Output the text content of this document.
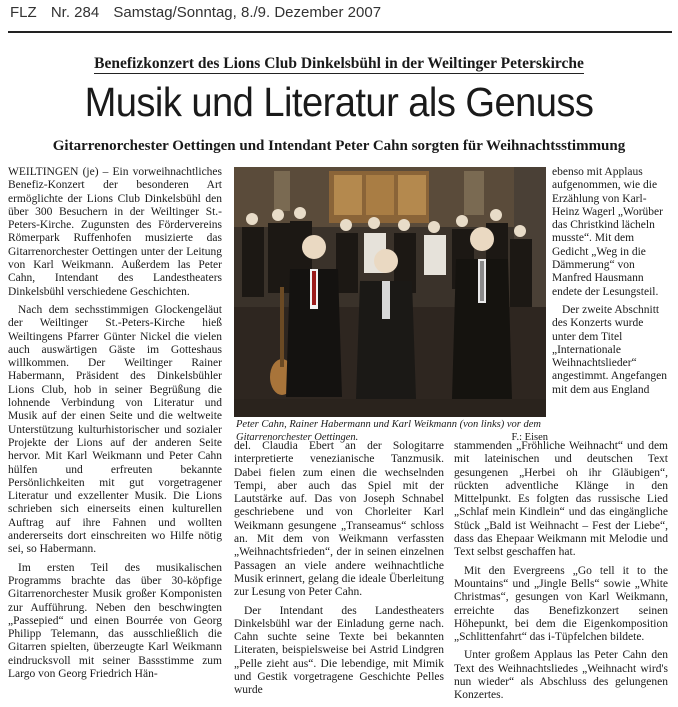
FLZ Nr. 284 Samstag/Sonntag, 8./9. Dezember 2007
Benefizkonzert des Lions Club Dinkelsbühl in der Weiltinger Peterskirche
Musik und Literatur als Genuss
Gitarrenorchester Oettingen und Intendant Peter Cahn sorgten für Weihnachtsstimmung

WEILTINGEN (je) – Ein vorweihnachtliches Benefiz-Konzert der besonderen Art ermöglichte der Lions Club Dinkelsbühl den über 300 Besuchern in der Weiltinger St.-Peters-Kirche. Zugunsten des Fördervereins Römerpark Ruffenhofen musizierte das Gitarrenorchester Oettingen unter der Leitung von Karl Weikmann. Außerdem las Peter Cahn, Intendant des Landestheaters Dinkelsbühl verschiedene Geschichten.

Nach dem sechsstimmigen Glockengeläut der Weiltinger St.-Peters-Kirche hieß Weiltingens Pfarrer Günter Nickel die vielen auch auswärtigen Gäste im Gotteshaus willkommen. Der Weiltinger Rainer Habermann, Präsident des Dinkelsbühler Lions Club, hob in seiner Begrüßung die lohnende Verbindung von Literatur und Musik auf der einen Seite und die weltweite Unterstützung kulturhistorischer und sozialer Projekte der Lions auf der anderen Seite hervor. Mit Karl Weikmann und Peter Cahn hülfen und erfreuten bekannte Persönlichkeiten mit gut vorgetragener Literatur und exzellenter Musik. Die Lions schrieben sich einerseits einen kulturellen Auftrag auf ihre Fahnen und wollten andererseits dort einschreiten wo Hilfe nötig sei, so Habermann.

Im ersten Teil des musikalischen Programms brachte das über 30-köpfige Gitarrenorchester Musik großer Komponisten zur Aufführung. Neben den beschwingten „Passepied“ und einen Bourrée von Georg Philipp Telemann, das ausschließlich die Gitarren spielten, überzeugte Karl Weikmann eindrucksvoll mit seiner Bassstimme zum Largo von Georg Friedrich Hän-

Peter Cahn, Rainer Habermann und Karl Weikmann (von links) vor dem Gitarrenorchester Oettingen.	F.: Eisen

del. Claudia Ebert an der Sologitarre interpretierte venezianische Tanzmusik. Dabei fielen zum einen die wechselnden Tempi, aber auch das Spiel mit der Lautstärke auf. Das von Joseph Schnabel geschriebene und von Chorleiter Karl Weikmann gesungene „Transeamus“ schloss an. Mit dem von Weikmann verfassten „Weihnachtsfrieden“, der in seinen einzelnen Passagen an viele andere weihnachtliche Musik erinnert, gelang die ideale Überleitung zur Lesung von Peter Cahn.

Der Intendant des Landestheaters Dinkelsbühl war der Einladung gerne nach. Cahn suchte seine Texte bei bekannten Literaten, beispielsweise bei Astrid Lindgren „Pelle zieht aus“. Die lebendige, mit Mimik und Gestik vorgetragene Geschichte Pelles wurde

stammenden „Fröhliche Weihnacht“ und dem mit lateinischen und deutschen Text gesungenen „Herbei oh ihr Gläubigen“, rückten adventliche Klänge in den Mittelpunkt. Es folgten das russische Lied „Schlaf mein Kindlein“ und das eingängliche Stück „Bald ist Weihnacht – Fest der Liebe“, dass das Ehepaar Weikmann mit Melodie und Text selbst geschaffen hat.

Mit den Evergreens „Go tell it to the Mountains“ und „Jingle Bells“ sowie „White Christmas“, gesungen von Karl Weikmann, erreichte das Benefizkonzert seinen Höhepunkt, bei dem die Eigenkomposition „Schlittenfahrt“ das i-Tüpfelchen bildete.

Unter großem Applaus las Peter Cahn den Text des Weihnachtsliedes „Weihnacht wird's nun wieder“ als Abschluss des gelungenen Konzertes.

ebenso mit Applaus aufgenommen, wie die Erzählung von Karl-Heinz Wagerl „Worüber das Christkind lächeln musste“. Mit dem Gedicht „Weg in die Dämmerung“ von Manfred Hausmann endete der Lesungsteil.

Der zweite Abschnitt des Konzerts wurde unter dem Titel „Internationale Weihnachtslieder“ angestimmt. Angefangen mit dem aus England
